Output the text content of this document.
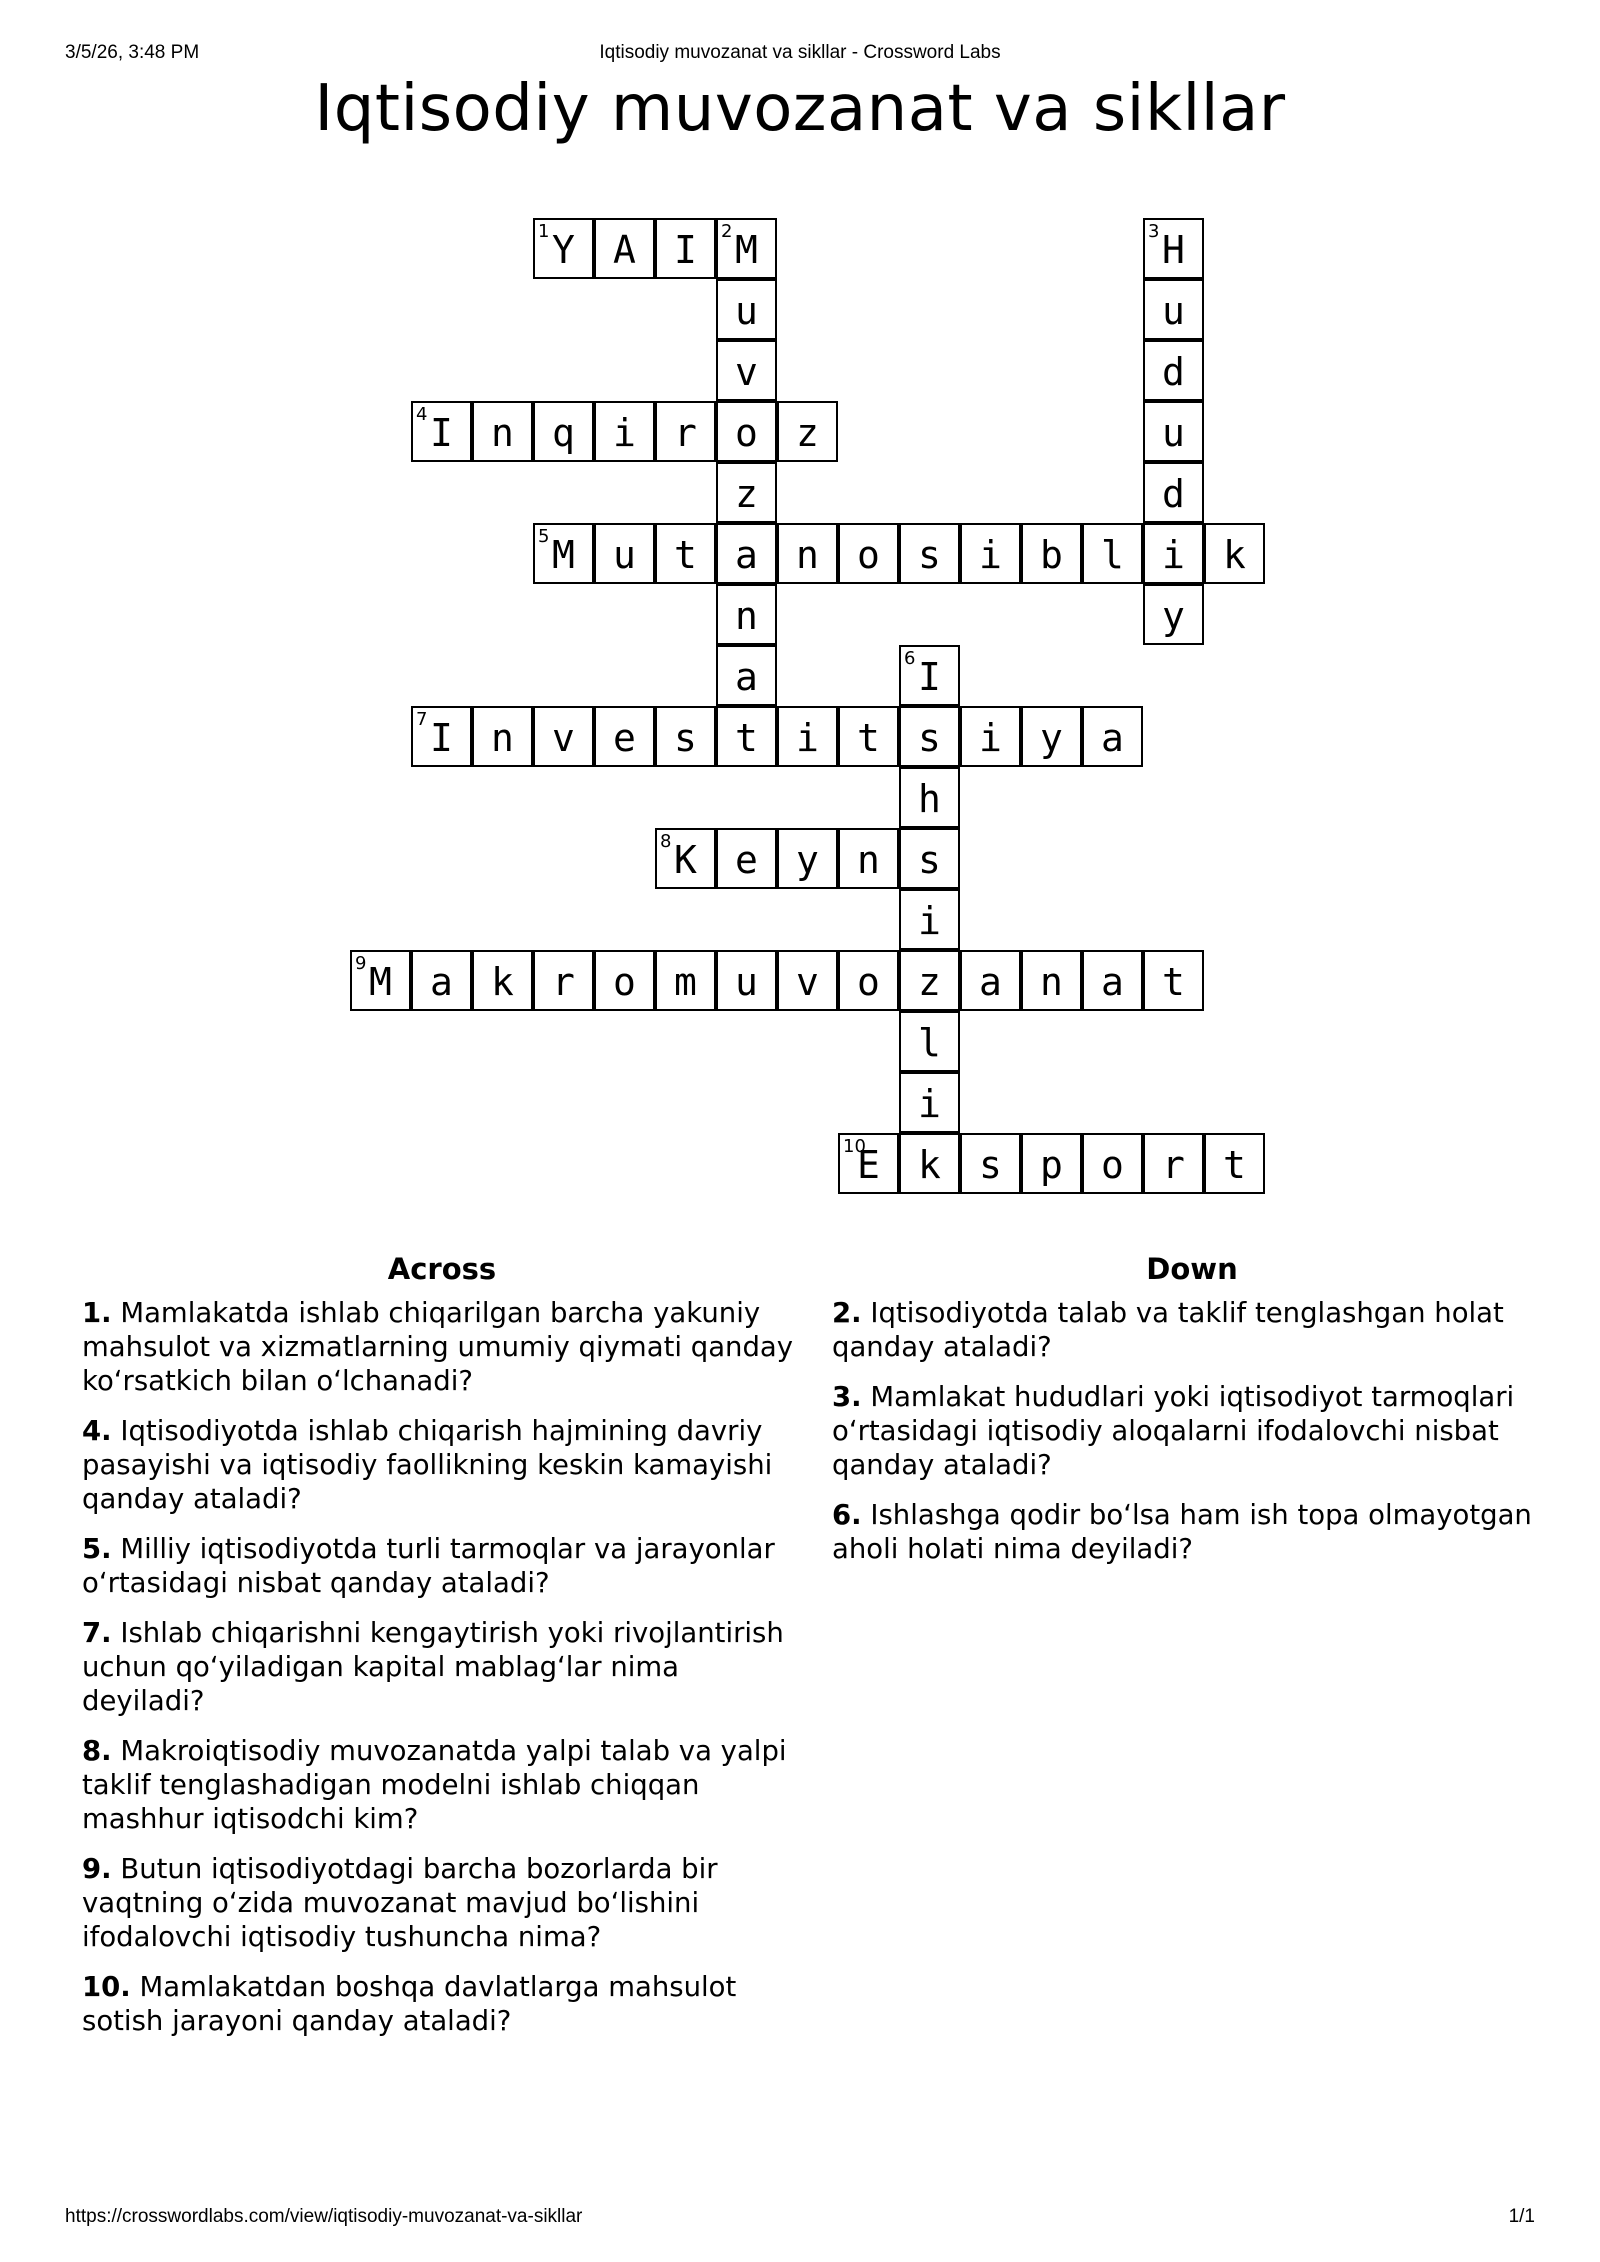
3/5/26, 3:48 PM	Iqtisodiy muvozanat va sikllar - Crossword Labs
Iqtisodiy muvozanat va sikllar
1 Y	A	I	2 M
u
v
o
z
a
n
a
t
3 H
u
d
u
d
i
y
4 I	n	q	i	r	z
5 M	u	t	n	o	s	i	b	l	k
6 I
s
h
s
i
z
l
i
k
7 I	n	v	e	s	i	t	i	y	a
8 K	e	y	n
9 M	a	k	r	o	m	u	v	o	a	n	a	t
10
E	s	p	o	r	t
Across
1. Mamlakatda ishlab chiqarilgan barcha yakuniy mahsulot va xizmatlarning umumiy qiymati qanday koʻrsatkich bilan oʻlchanadi?
4. Iqtisodiyotda ishlab chiqarish hajmining davriy pasayishi va iqtisodiy faollikning keskin kamayishi qanday ataladi?
5. Milliy iqtisodiyotda turli tarmoqlar va jarayonlar oʻrtasidagi nisbat qanday ataladi?
7. Ishlab chiqarishni kengaytirish yoki rivojlantirish uchun qoʻyiladigan kapital mablagʻlar nima deyiladi?
8. Makroiqtisodiy muvozanatda yalpi talab va yalpi taklif tenglashadigan modelni ishlab chiqqan mashhur iqtisodchi kim?
9. Butun iqtisodiyotdagi barcha bozorlarda bir vaqtning oʻzida muvozanat mavjud boʻlishini ifodalovchi iqtisodiy tushuncha nima?
10. Mamlakatdan boshqa davlatlarga mahsulot sotish jarayoni qanday ataladi?
Down
2. Iqtisodiyotda talab va taklif tenglashgan holat qanday ataladi?
3. Mamlakat hududlari yoki iqtisodiyot tarmoqlari oʻrtasidagi iqtisodiy aloqalarni ifodalovchi nisbat qanday ataladi?
6. Ishlashga qodir boʻlsa ham ish topa olmayotgan aholi holati nima deyiladi?
https://crosswordlabs.com/view/iqtisodiy-muvozanat-va-sikllar	1/1
